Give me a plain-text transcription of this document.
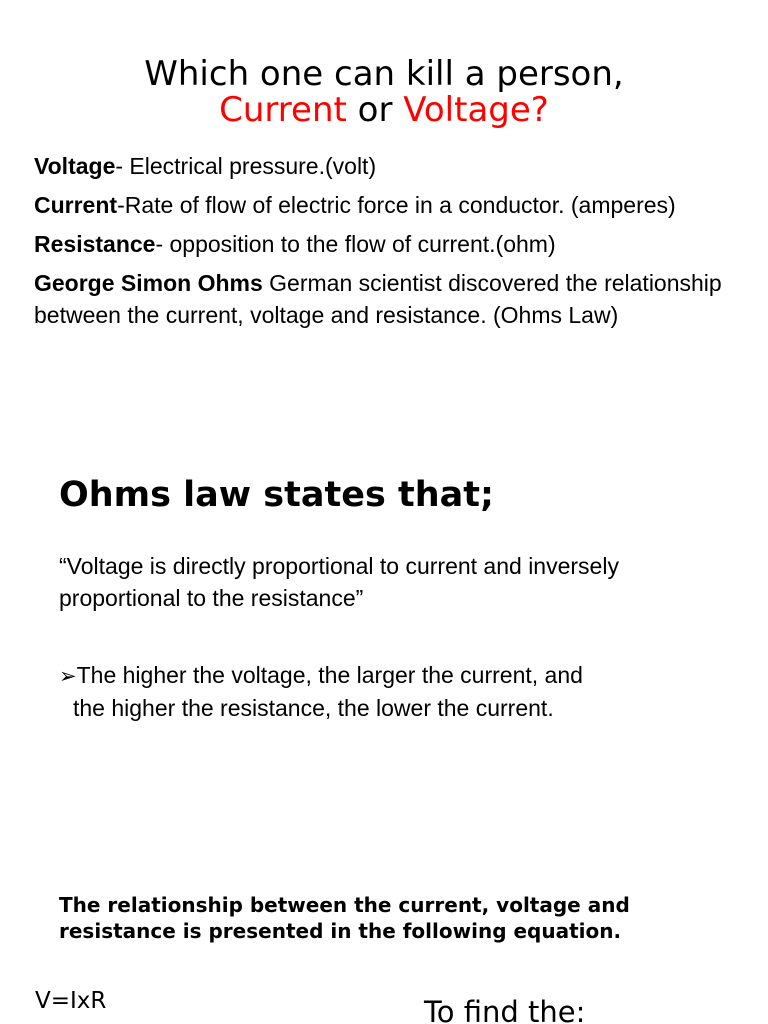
Which one can kill a person,
Current or Voltage?

Voltage- Electrical pressure.(volt)

Current-Rate of flow of electric force in a conductor. (amperes)

Resistance- opposition to the flow of current.(ohm)

George Simon Ohms German scientist discovered the relationship between the current, voltage and resistance. (Ohms Law)

Ohms law states that;
“Voltage is directly proportional to current and inversely proportional to the resistance”
➢The higher the voltage, the larger the current, and
the higher the resistance, the lower the current.
The relationship between the current, voltage and resistance is presented in the following equation.
V=IxR	To find the:
